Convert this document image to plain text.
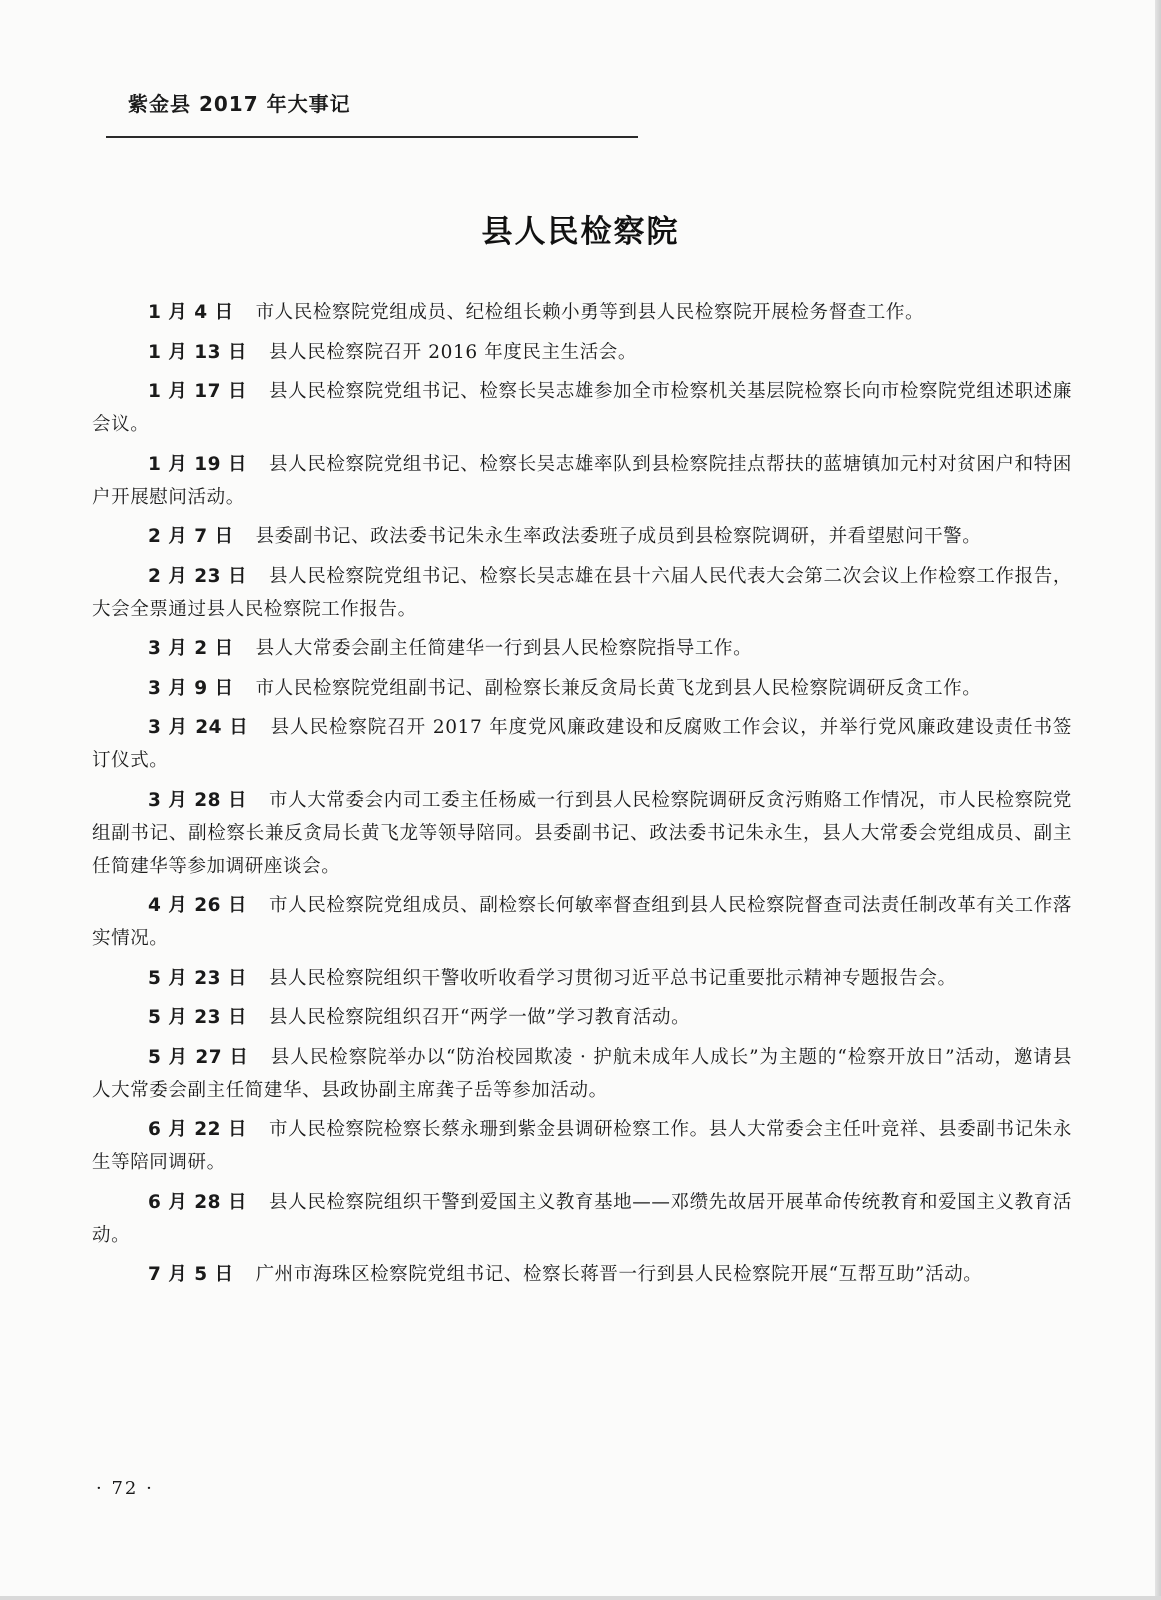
紫金县 2017 年大事记
县人民检察院

1 月 4 日 市人民检察院党组成员、纪检组长赖小勇等到县人民检察院开展检务督查工作。

1 月 13 日 县人民检察院召开 2016 年度民主生活会。

1 月 17 日 县人民检察院党组书记、检察长吴志雄参加全市检察机关基层院检察长向市检察院党组述职述廉会议。

1 月 19 日 县人民检察院党组书记、检察长吴志雄率队到县检察院挂点帮扶的蓝塘镇加元村对贫困户和特困户开展慰问活动。

2 月 7 日 县委副书记、政法委书记朱永生率政法委班子成员到县检察院调研，并看望慰问干警。

2 月 23 日 县人民检察院党组书记、检察长吴志雄在县十六届人民代表大会第二次会议上作检察工作报告，大会全票通过县人民检察院工作报告。

3 月 2 日 县人大常委会副主任简建华一行到县人民检察院指导工作。

3 月 9 日 市人民检察院党组副书记、副检察长兼反贪局长黄飞龙到县人民检察院调研反贪工作。

3 月 24 日 县人民检察院召开 2017 年度党风廉政建设和反腐败工作会议，并举行党风廉政建设责任书签订仪式。

3 月 28 日 市人大常委会内司工委主任杨威一行到县人民检察院调研反贪污贿赂工作情况，市人民检察院党组副书记、副检察长兼反贪局长黄飞龙等领导陪同。县委副书记、政法委书记朱永生，县人大常委会党组成员、副主任简建华等参加调研座谈会。

4 月 26 日 市人民检察院党组成员、副检察长何敏率督查组到县人民检察院督查司法责任制改革有关工作落实情况。

5 月 23 日 县人民检察院组织干警收听收看学习贯彻习近平总书记重要批示精神专题报告会。

5 月 23 日 县人民检察院组织召开“两学一做”学习教育活动。

5 月 27 日 县人民检察院举办以“防治校园欺凌 · 护航未成年人成长”为主题的“检察开放日”活动，邀请县人大常委会副主任简建华、县政协副主席龚子岳等参加活动。

6 月 22 日 市人民检察院检察长蔡永珊到紫金县调研检察工作。县人大常委会主任叶竞祥、县委副书记朱永生等陪同调研。

6 月 28 日 县人民检察院组织干警到爱国主义教育基地——邓缵先故居开展革命传统教育和爱国主义教育活动。

7 月 5 日 广州市海珠区检察院党组书记、检察长蒋晋一行到县人民检察院开展“互帮互助”活动。

· 72 ·
